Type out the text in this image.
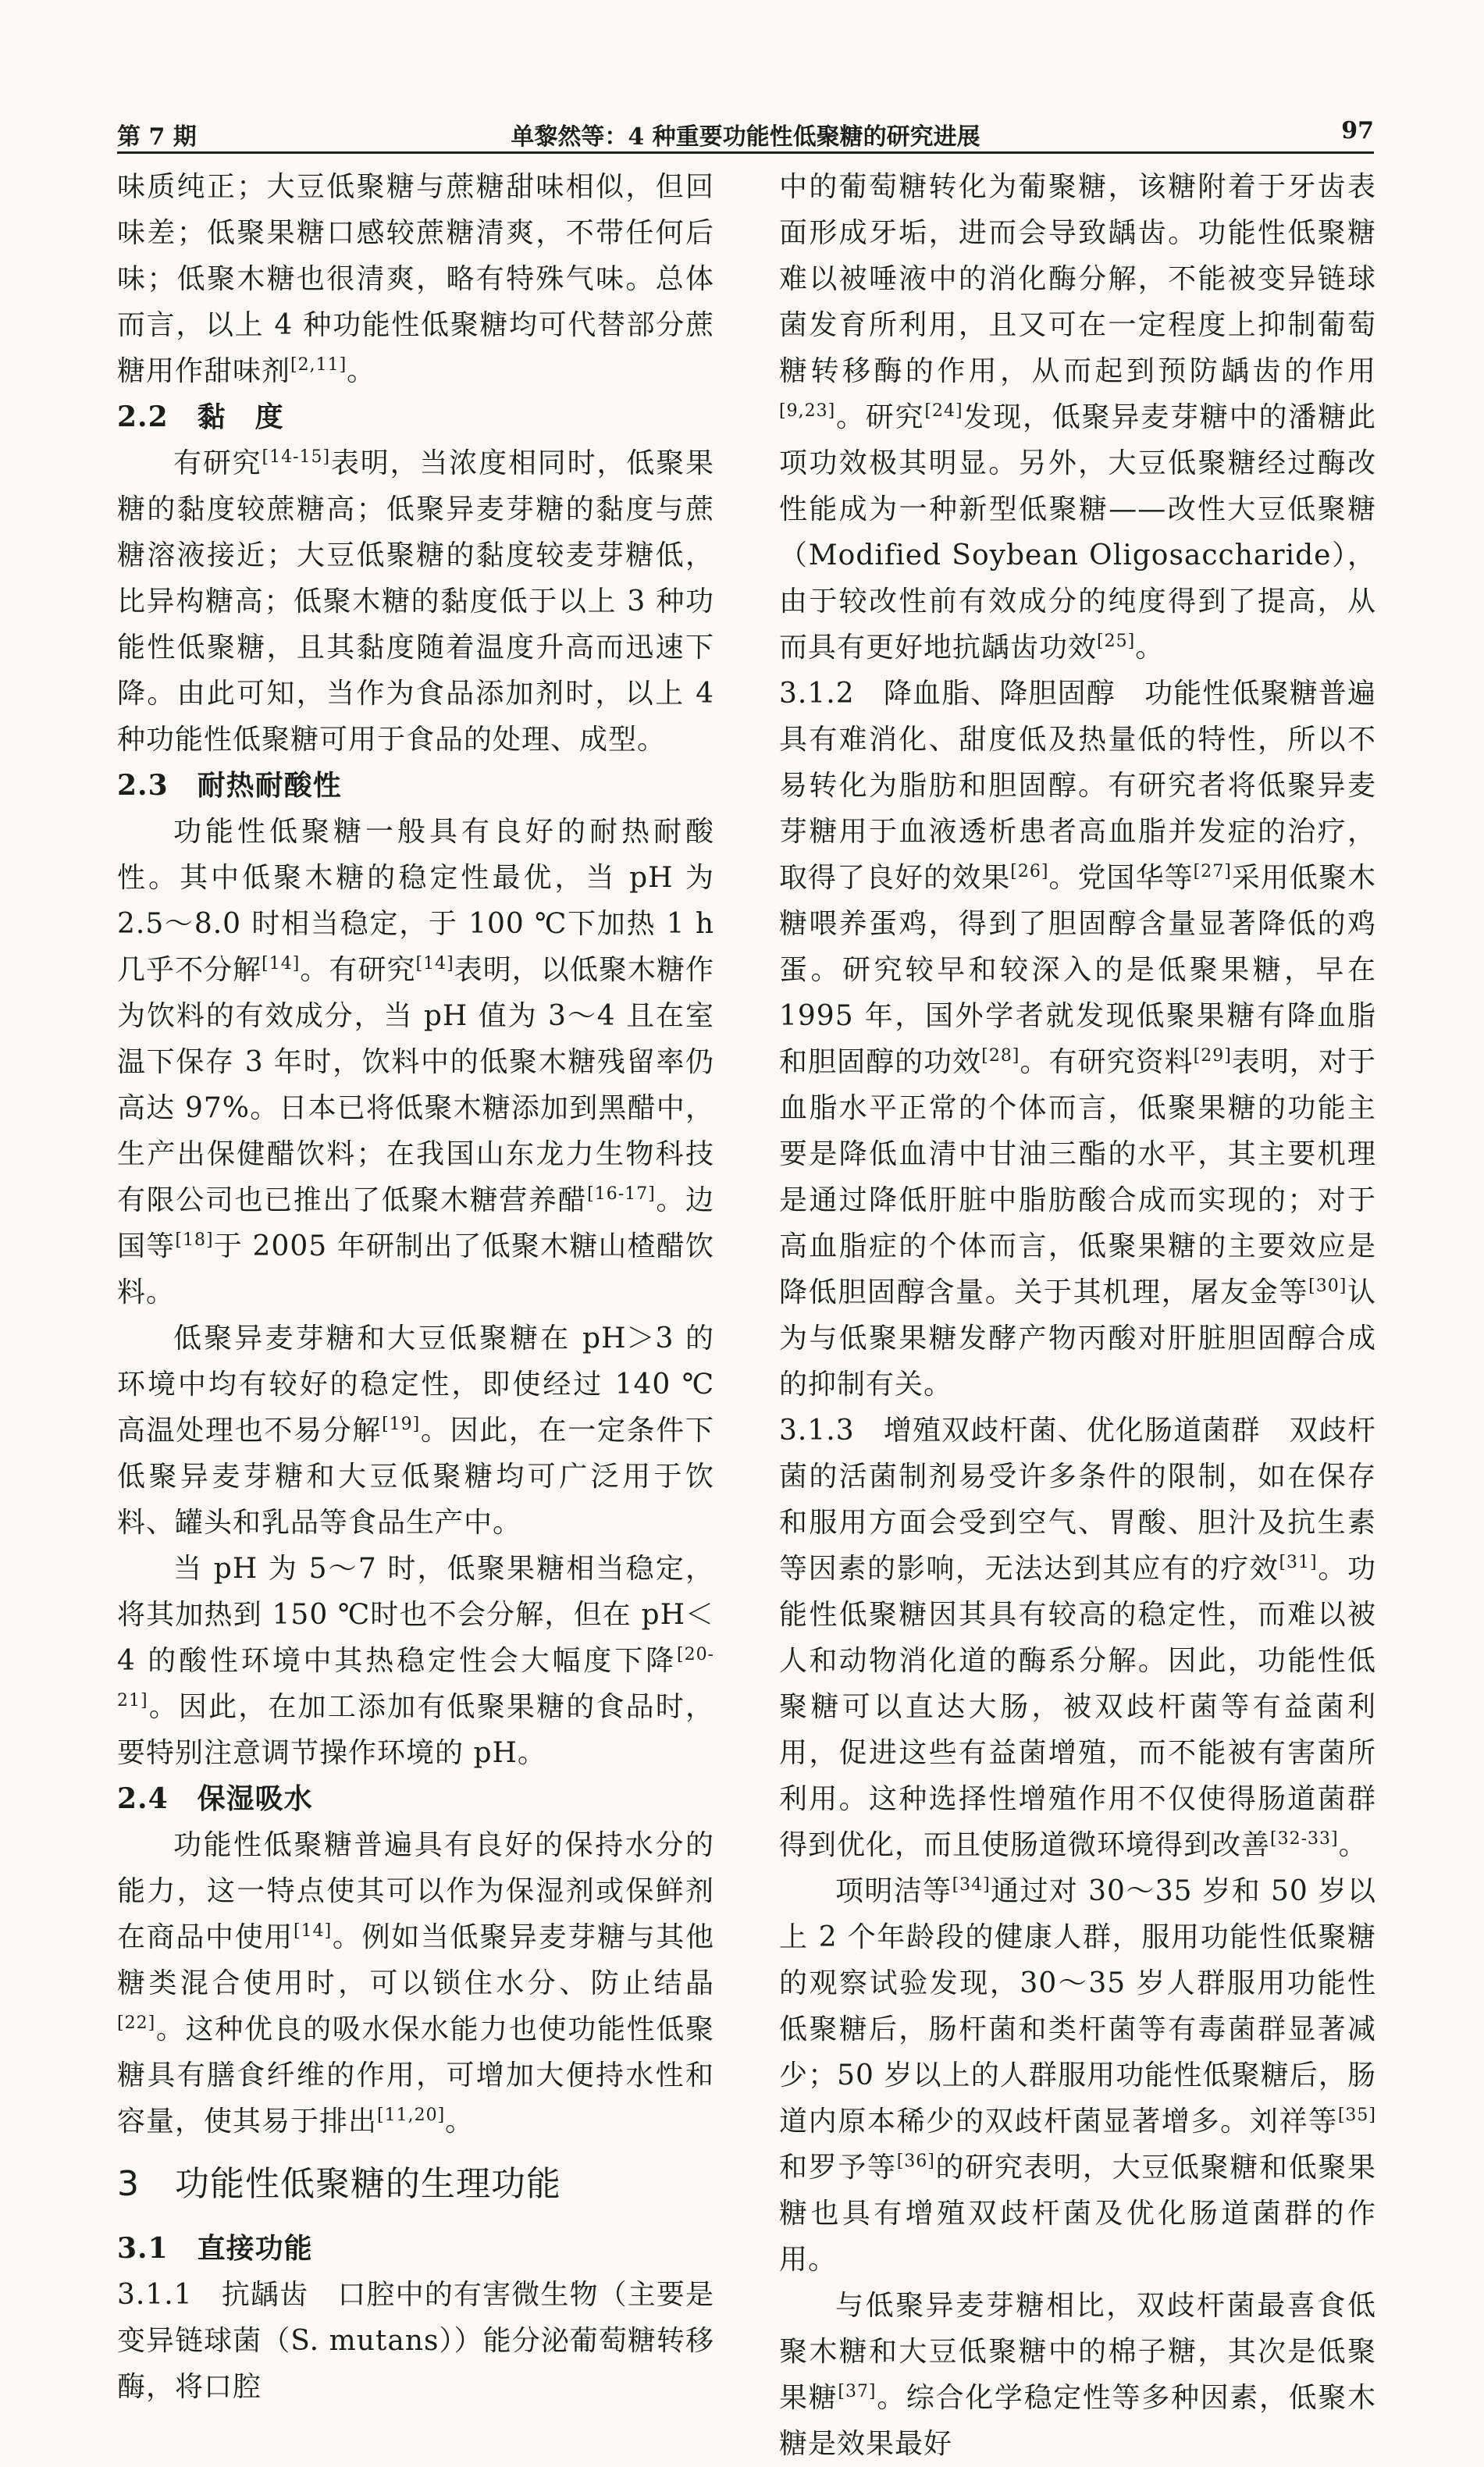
第 7 期	单黎然等：4 种重要功能性低聚糖的研究进展	97

味质纯正；大豆低聚糖与蔗糖甜味相似，但回味差；低聚果糖口感较蔗糖清爽，不带任何后味；低聚木糖也很清爽，略有特殊气味。总体而言，以上 4 种功能性低聚糖均可代替部分蔗糖用作甜味剂[2,11]。

2.2　黏　度

有研究[14-15]表明，当浓度相同时，低聚果糖的黏度较蔗糖高；低聚异麦芽糖的黏度与蔗糖溶液接近；大豆低聚糖的黏度较麦芽糖低，比异构糖高；低聚木糖的黏度低于以上 3 种功能性低聚糖，且其黏度随着温度升高而迅速下降。由此可知，当作为食品添加剂时，以上 4 种功能性低聚糖可用于食品的处理、成型。

2.3　耐热耐酸性

功能性低聚糖一般具有良好的耐热耐酸性。其中低聚木糖的稳定性最优，当 pH 为 2.5～8.0 时相当稳定，于 100 ℃下加热 1 h 几乎不分解[14]。有研究[14]表明，以低聚木糖作为饮料的有效成分，当 pH 值为 3～4 且在室温下保存 3 年时，饮料中的低聚木糖残留率仍高达 97%。日本已将低聚木糖添加到黑醋中，生产出保健醋饮料；在我国山东龙力生物科技有限公司也已推出了低聚木糖营养醋[16-17]。边国等[18]于 2005 年研制出了低聚木糖山楂醋饮料。

低聚异麦芽糖和大豆低聚糖在 pH＞3 的环境中均有较好的稳定性，即使经过 140 ℃高温处理也不易分解[19]。因此，在一定条件下低聚异麦芽糖和大豆低聚糖均可广泛用于饮料、罐头和乳品等食品生产中。

当 pH 为 5～7 时，低聚果糖相当稳定，将其加热到 150 ℃时也不会分解，但在 pH＜4 的酸性环境中其热稳定性会大幅度下降[20-21]。因此，在加工添加有低聚果糖的食品时，要特别注意调节操作环境的 pH。

2.4　保湿吸水

功能性低聚糖普遍具有良好的保持水分的能力，这一特点使其可以作为保湿剂或保鲜剂在商品中使用[14]。例如当低聚异麦芽糖与其他糖类混合使用时，可以锁住水分、防止结晶[22]。这种优良的吸水保水能力也使功能性低聚糖具有膳食纤维的作用，可增加大便持水性和容量，使其易于排出[11,20]。

3　功能性低聚糖的生理功能

3.1　直接功能

3.1.1　抗龋齿　 口腔中的有害微生物（主要是变异链球菌（S. mutans））能分泌葡萄糖转移酶，将口腔

中的葡萄糖转化为葡聚糖，该糖附着于牙齿表面形成牙垢，进而会导致龋齿。功能性低聚糖难以被唾液中的消化酶分解，不能被变异链球菌发育所利用，且又可在一定程度上抑制葡萄糖转移酶的作用，从而起到预防龋齿的作用[9,23]。研究[24]发现，低聚异麦芽糖中的潘糖此项功效极其明显。另外，大豆低聚糖经过酶改性能成为一种新型低聚糖——改性大豆低聚糖（Modified Soybean Oligosaccharide），由于较改性前有效成分的纯度得到了提高，从而具有更好地抗龋齿功效[25]。

3.1.2　降血脂、降胆固醇　 功能性低聚糖普遍具有难消化、甜度低及热量低的特性，所以不易转化为脂肪和胆固醇。有研究者将低聚异麦芽糖用于血液透析患者高血脂并发症的治疗，取得了良好的效果[26]。党国华等[27]采用低聚木糖喂养蛋鸡，得到了胆固醇含量显著降低的鸡蛋。研究较早和较深入的是低聚果糖，早在 1995 年，国外学者就发现低聚果糖有降血脂和胆固醇的功效[28]。有研究资料[29]表明，对于血脂水平正常的个体而言，低聚果糖的功能主要是降低血清中甘油三酯的水平，其主要机理是通过降低肝脏中脂肪酸合成而实现的；对于高血脂症的个体而言，低聚果糖的主要效应是降低胆固醇含量。关于其机理，屠友金等[30]认为与低聚果糖发酵产物丙酸对肝脏胆固醇合成的抑制有关。

3.1.3　增殖双歧杆菌、优化肠道菌群　 双歧杆菌的活菌制剂易受许多条件的限制，如在保存和服用方面会受到空气、胃酸、胆汁及抗生素等因素的影响，无法达到其应有的疗效[31]。功能性低聚糖因其具有较高的稳定性，而难以被人和动物消化道的酶系分解。因此，功能性低聚糖可以直达大肠，被双歧杆菌等有益菌利用，促进这些有益菌增殖，而不能被有害菌所利用。这种选择性增殖作用不仅使得肠道菌群得到优化，而且使肠道微环境得到改善[32-33]。

项明洁等[34]通过对 30～35 岁和 50 岁以上 2 个年龄段的健康人群，服用功能性低聚糖的观察试验发现，30～35 岁人群服用功能性低聚糖后，肠杆菌和类杆菌等有毒菌群显著减少；50 岁以上的人群服用功能性低聚糖后，肠道内原本稀少的双歧杆菌显著增多。刘祥等[35]和罗予等[36]的研究表明，大豆低聚糖和低聚果糖也具有增殖双歧杆菌及优化肠道菌群的作用。

与低聚异麦芽糖相比，双歧杆菌最喜食低聚木糖和大豆低聚糖中的棉子糖，其次是低聚果糖[37]。综合化学稳定性等多种因素，低聚木糖是效果最好
